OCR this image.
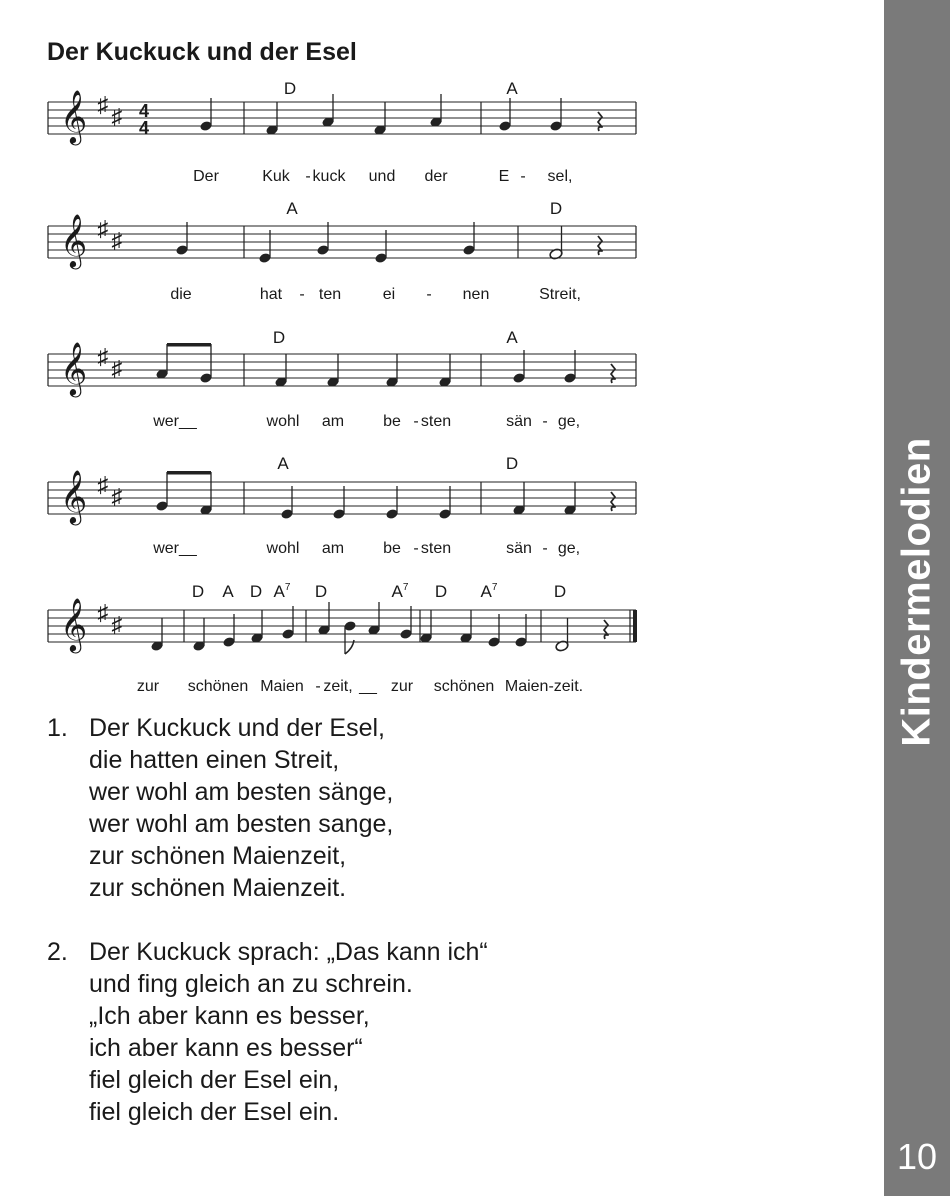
Kindermelodien
10
Der Kuckuck und der Esel
𝄞 ♯ ♯ 4
4
D	A
Der	Kuk - kuck und der	E - sel,
𝄞 ♯ ♯
A	D
die	hat - ten	ei - nen	Streit,
𝄞 ♯ ♯
D	A
wer__	wohl am be - sten	sän - ge,
𝄞 ♯ ♯
A	D
wer__	wohl am be - sten	sän - ge,
𝄞 ♯ ♯
D A D $A^7$ D	$A^7$ D $A^7$	D
zur schönen Maien - zeit, __ zur schönen Maien-zeit.
1. Der Kuckuck und der Esel,
die hatten einen Streit,
wer wohl am besten sänge,
wer wohl am besten sange,
zur schönen Maienzeit,
zur schönen Maienzeit.
2. Der Kuckuck sprach: „Das kann ich“
und fing gleich an zu schrein.
„Ich aber kann es besser,
ich aber kann es besser“
fiel gleich der Esel ein,
fiel gleich der Esel ein.
